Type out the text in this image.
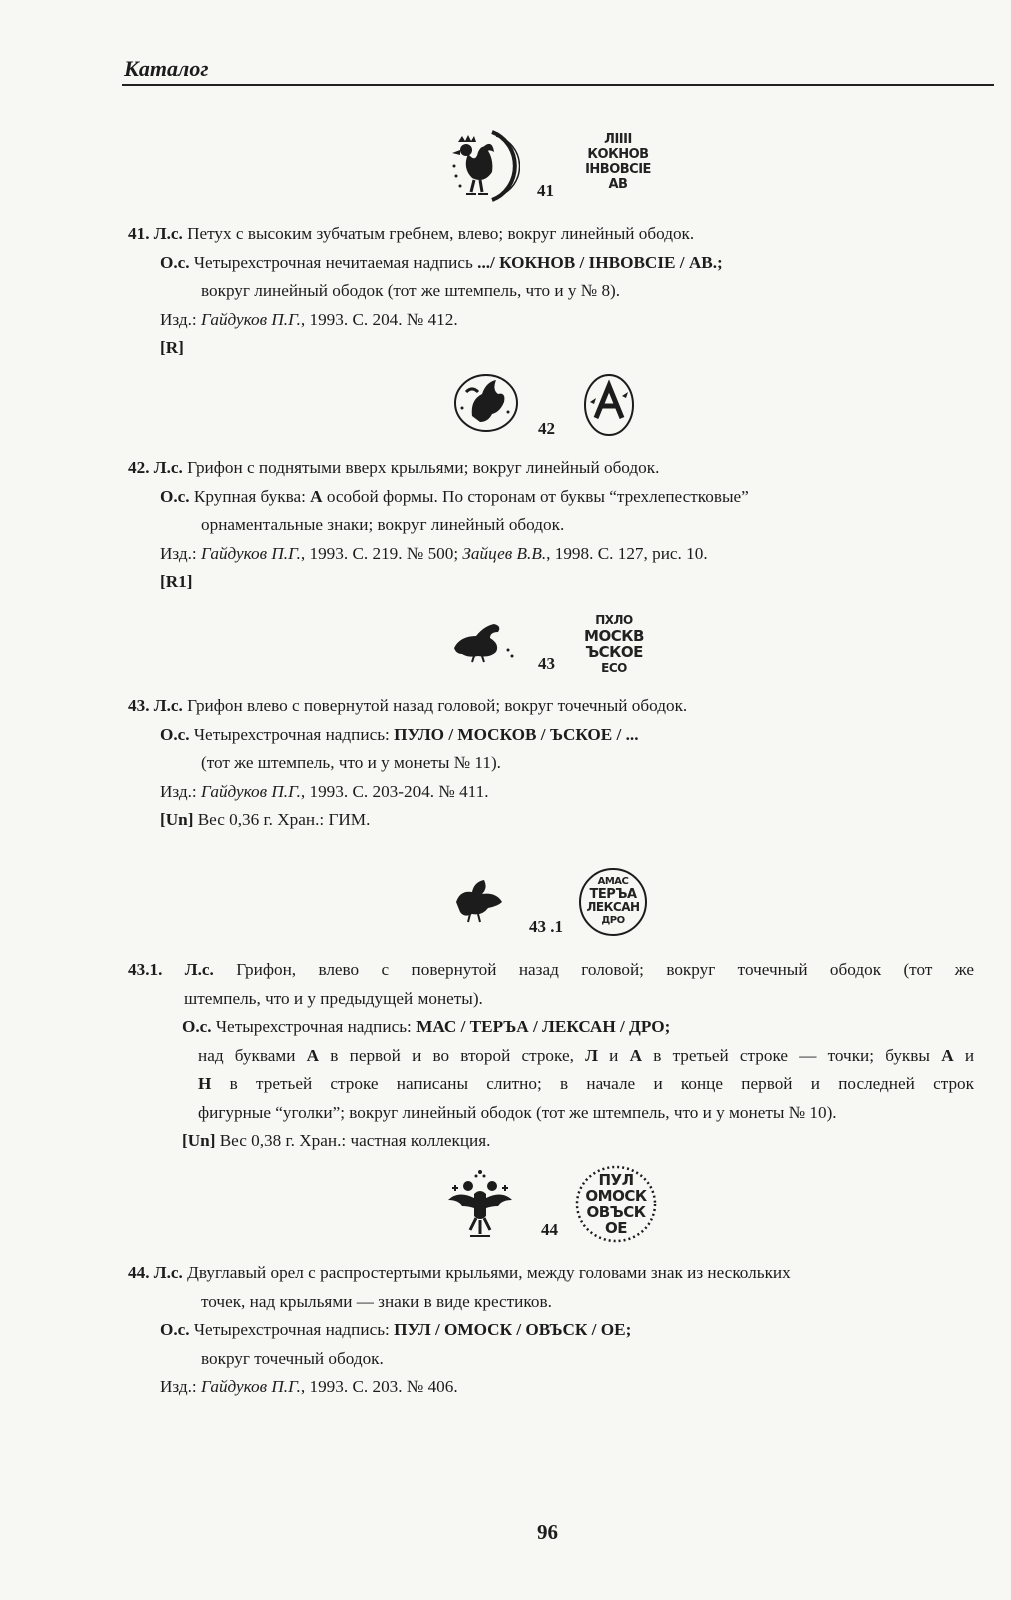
Каталог
41
ЛІІІІ
КОКНОВ
ІНВОВСІЕ
АВ
41. Л.с. Петух с высоким зубчатым гребнем, влево; вокруг линейный ободок.
О.с. Четырехстрочная нечитаемая надпись .../ КОКНОВ / ІНВОВСІЕ / АВ.;
вокруг линейный ободок (тот же штемпель, что и у № 8).
Изд.: Гайдуков П.Г., 1993. С. 204. № 412.
[R]
42
42. Л.с. Грифон с поднятыми вверх крыльями; вокруг линейный ободок.
О.с. Крупная буква: А особой формы. По сторонам от буквы “трехлепестковые”
орнаментальные знаки; вокруг линейный ободок.
Изд.: Гайдуков П.Г., 1993. С. 219. № 500; Зайцев В.В., 1998. С. 127, рис. 10.
[R1]
43
ПХЛО
МОСКВ
ЪСКОЕ
ЕСО
43. Л.с. Грифон влево с повернутой назад головой; вокруг точечный ободок.
О.с. Четырехстрочная надпись: ПУЛО / МОСКОВ / ЪСКОЕ / ...
(тот же штемпель, что и у монеты № 11).
Изд.: Гайдуков П.Г., 1993. С. 203-204. № 411.
[Un] Вес 0,36 г. Хран.: ГИМ.
43 .1
АМАС
ТЕРЪА
ЛЕКСАН
ДРО
43.1. Л.с. Грифон, влево с повернутой назад головой; вокруг точечный ободок (тот же
штемпель, что и у предыдущей монеты).
О.с. Четырехстрочная надпись: МАС / ТЕРЪА / ЛЕКСАН / ДРО;
над буквами А в первой и во второй строке, Л и А в третьей строке — точки; буквы А и
Н в третьей строке написаны слитно; в начале и конце первой и последней строк
фигурные “уголки”; вокруг линейный ободок (тот же штемпель, что и у монеты № 10).
[Un] Вес 0,38 г. Хран.: частная коллекция.
44
ПУЛ
ОМОСК
ОВЪСК
ОЕ
44. Л.с. Двуглавый орел с распростертыми крыльями, между головами знак из нескольких
точек, над крыльями — знаки в виде крестиков.
О.с. Четырехстрочная надпись: ПУЛ / ОМОСК / ОВЪСК / ОЕ;
вокруг точечный ободок.
Изд.: Гайдуков П.Г., 1993. С. 203. № 406.
96
